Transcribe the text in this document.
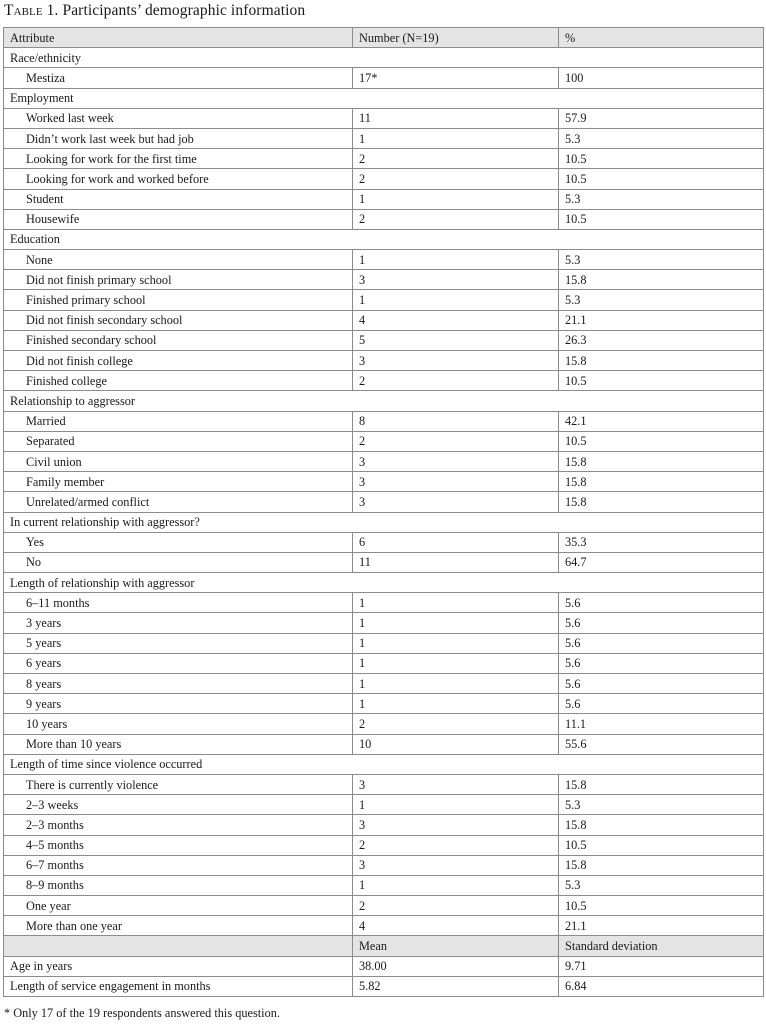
Table 1. Participants’ demographic information
Attribute	Number (N=19)	%
Race/ethnicity		
Mestiza	17*	100
Employment		
Worked last week	11	57.9
Didn’t work last week but had job	1	5.3
Looking for work for the first time	2	10.5
Looking for work and worked before	2	10.5
Student	1	5.3
Housewife	2	10.5
Education		
None	1	5.3
Did not finish primary school	3	15.8
Finished primary school	1	5.3
Did not finish secondary school	4	21.1
Finished secondary school	5	26.3
Did not finish college	3	15.8
Finished college	2	10.5
Relationship to aggressor		
Married	8	42.1
Separated	2	10.5
Civil union	3	15.8
Family member	3	15.8
Unrelated/armed conflict	3	15.8
In current relationship with aggressor?		
Yes	6	35.3
No	11	64.7
Length of relationship with aggressor		
6–11 months	1	5.6
3 years	1	5.6
5 years	1	5.6
6 years	1	5.6
8 years	1	5.6
9 years	1	5.6
10 years	2	11.1
More than 10 years	10	55.6
Length of time since violence occurred		
There is currently violence	3	15.8
2–3 weeks	1	5.3
2–3 months	3	15.8
4–5 months	2	10.5
6–7 months	3	15.8
8–9 months	1	5.3
One year	2	10.5
More than one year	4	21.1
	Mean	Standard deviation
Age in years	38.00	9.71
Length of service engagement in months	5.82	6.84
* Only 17 of the 19 respondents answered this question.
